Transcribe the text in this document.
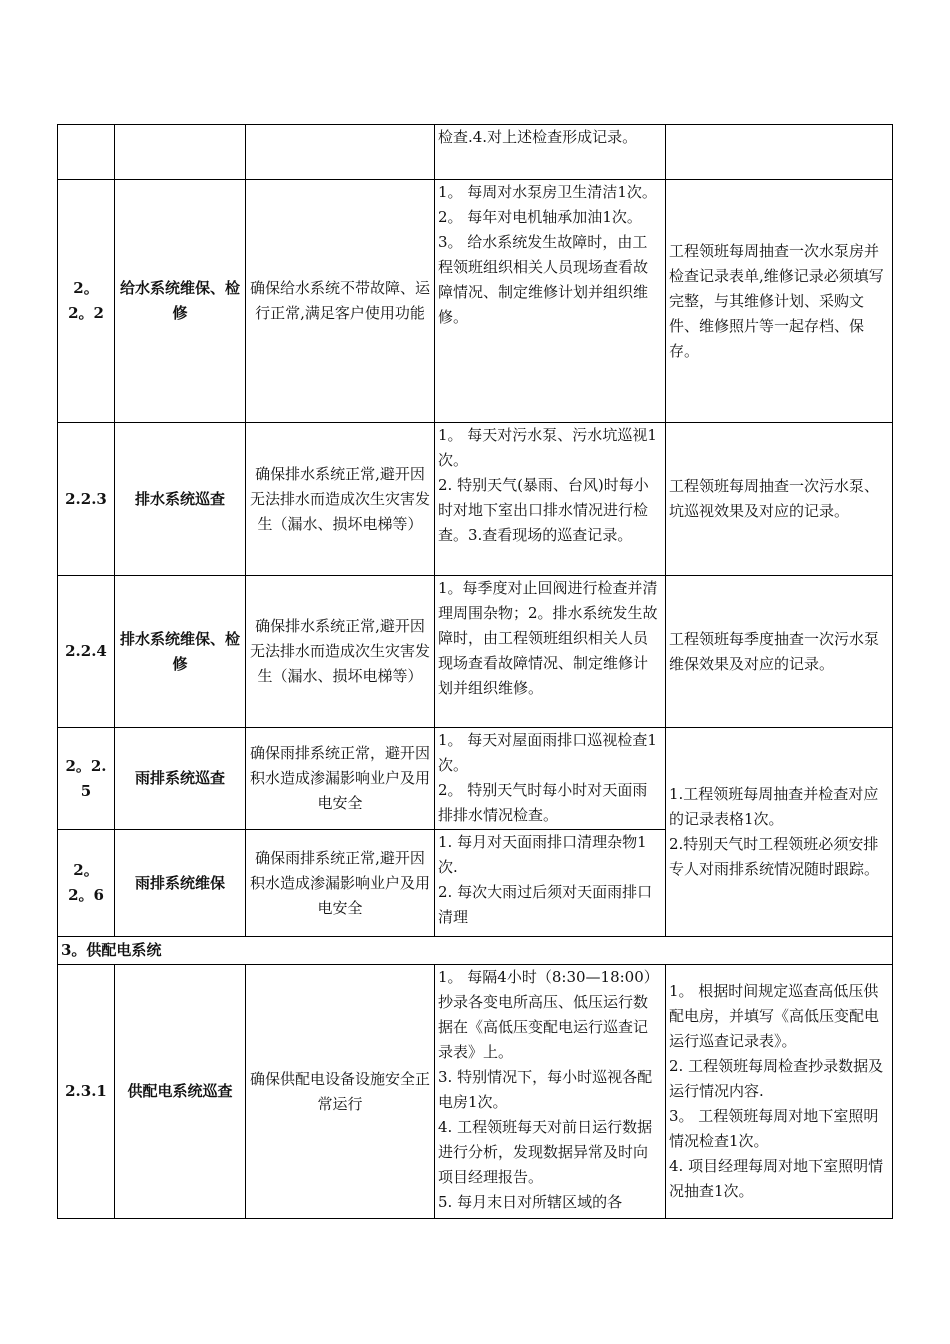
			检查.4.对上述检查形成记录。	

2。2。2	给水系统维保、检修	确保给水系统不带故障、运行正常,满足客户使用功能	1。 每周对水泵房卫生清洁1次。
2。 每年对电机轴承加油1次。
3。 给水系统发生故障时，由工程领班组织相关人员现场查看故障情况、制定维修计划并组织维修。	工程领班每周抽查一次水泵房并检查记录表单,维修记录必须填写完整，与其维修计划、采购文件、维修照片等一起存档、保存。

2.2.3	排水系统巡查	确保排水系统正常,避开因无法排水而造成次生灾害发生（漏水、损坏电梯等）	1。 每天对污水泵、污水坑巡视1次。
2. 特别天气(暴雨、台风)时每小时对地下室出口排水情况进行检查。3.查看现场的巡查记录。	工程领班每周抽查一次污水泵、坑巡视效果及对应的记录。

2.2.4	排水系统维保、检修	确保排水系统正常,避开因无法排水而造成次生灾害发生（漏水、损坏电梯等）	1。每季度对止回阀进行检查并清理周围杂物；2。排水系统发生故障时，由工程领班组织相关人员现场查看故障情况、制定维修计划并组织维修。	工程领班每季度抽查一次污水泵维保效果及对应的记录。

2。2.5	雨排系统巡查	确保雨排系统正常，避开因积水造成渗漏影响业户及用电安全	1。 每天对屋面雨排口巡视检查1次。
2。 特别天气时每小时对天面雨排排水情况检查。	1.工程领班每周抽查并检查对应的记录表格1次。
2.特别天气时工程领班必须安排专人对雨排系统情况随时跟踪。

2。2。6	雨排系统维保	确保雨排系统正常,避开因积水造成渗漏影响业户及用电安全	1. 每月对天面雨排口清理杂物1次.
2. 每次大雨过后须对天面雨排口清理	

3。供配电系统				
2.3.1	供配电系统巡查	确保供配电设备设施安全正常运行	1。 每隔4小时（8:30—18:00）抄录各变电所高压、低压运行数据在《高低压变配电运行巡查记录表》上。
3. 特别情况下，每小时巡视各配电房1次。
4. 工程领班每天对前日运行数据进行分析，发现数据异常及时向项目经理报告。
5. 每月末日对所辖区域的各	1。 根据时间规定巡查高低压供配电房，并填写《高低压变配电运行巡查记录表》。
2. 工程领班每周检查抄录数据及运行情况内容.
3。 工程领班每周对地下室照明情况检查1次。
4. 项目经理每周对地下室照明情况抽查1次。
